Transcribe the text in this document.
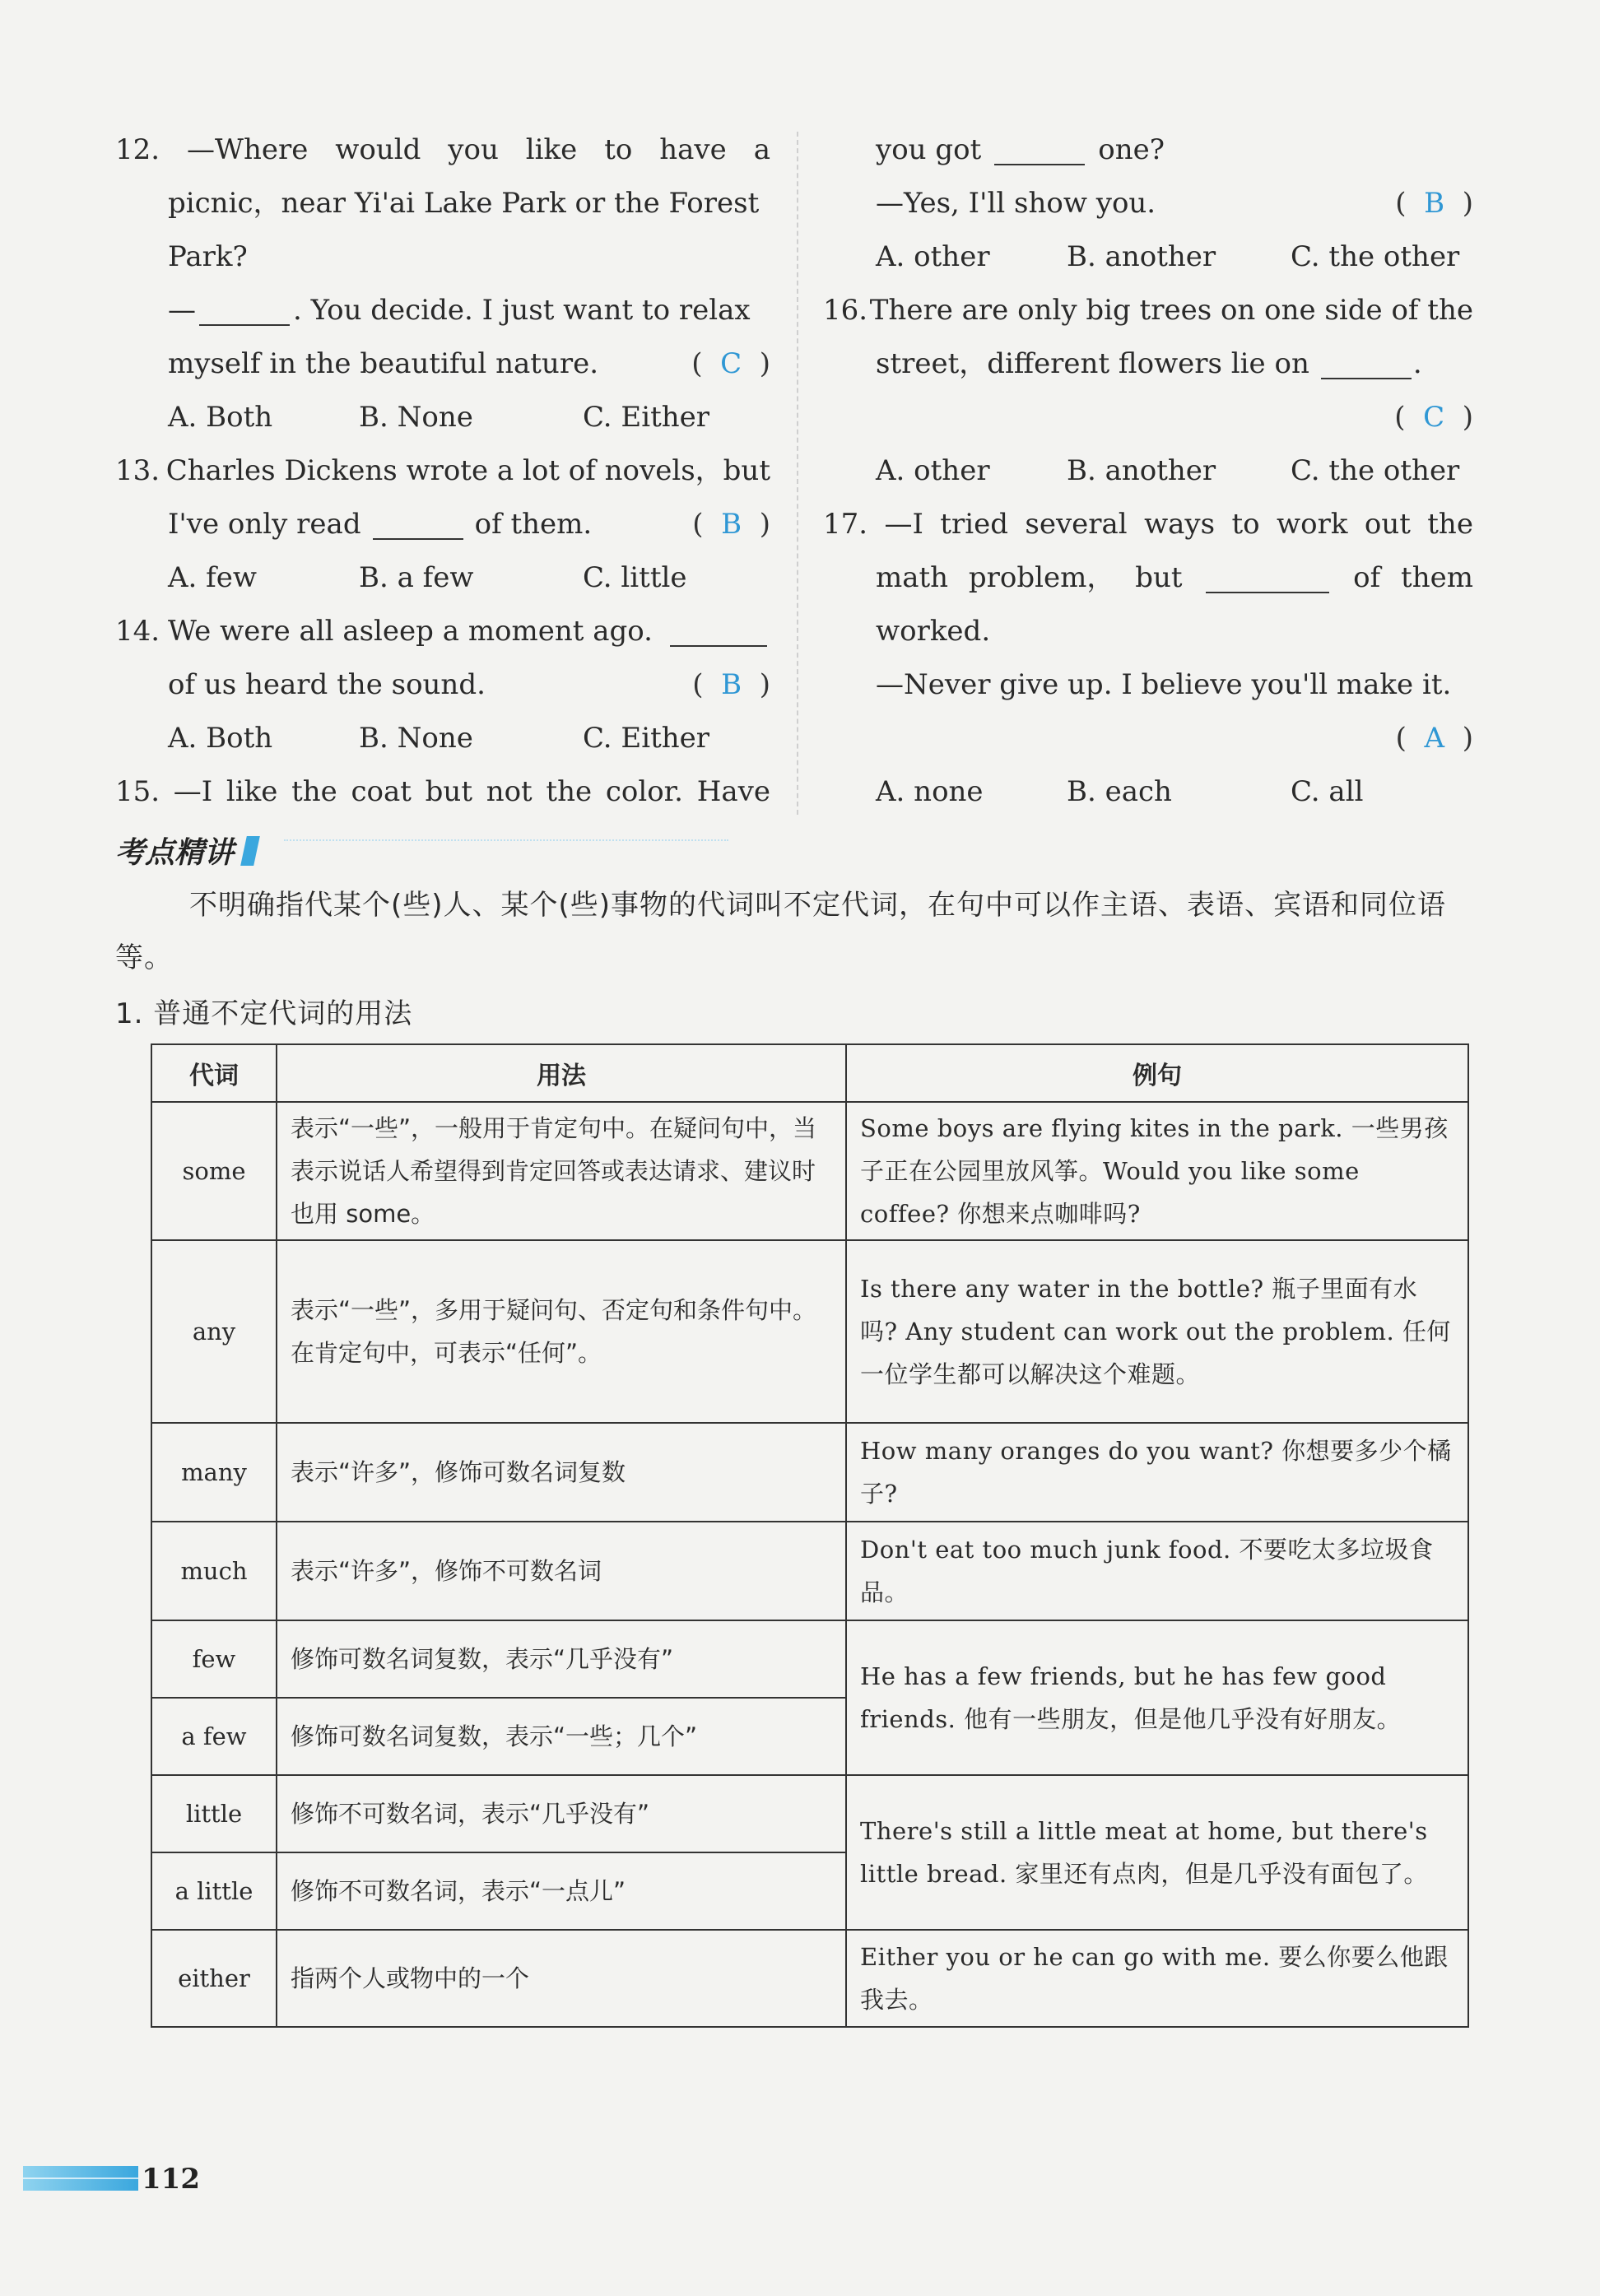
12. —Where would you like to have a
picnic，near Yi'ai Lake Park or the Forest
Park?
—	. You decide. I just want to relax
myself in the beautiful nature.	(  C  )
A. Both	B. None	C. Either
13. Charles Dickens wrote a lot of novels，but
I've only read	of them.	(  B  )
A. few	B. a few	C. little
14. We were all asleep a moment ago.
of us heard the sound.	(  B  )
A. Both	B. None	C. Either
15. —I like the coat but not the color. Have
you got	one?
—Yes, I'll show you.	(  B  )
A. other	B. another	C. the other
16. There are only big trees on one side of the
street，different flowers lie on	.
(  C  )
A. other	B. another	C. the other
17. —I tried several ways to work out the
math problem， but	of them
worked.
—Never give up. I believe you'll make it.
(  A  )
A. none	B. each	C. all
考点精讲
不明确指代某个(些)人、某个(些)事物的代词叫不定代词，在句中可以作主语、表语、宾语和同位语等。
1. 普通不定代词的用法
代词	用法	例句
some	表示“一些”，一般用于肯定句中。在疑问句中，当表示说话人希望得到肯定回答或表达请求、建议时也用 some。	Some boys are flying kites in the park. 一些男孩子正在公园里放风筝。Would you like some coffee? 你想来点咖啡吗?
any	表示“一些”，多用于疑问句、否定句和条件句中。在肯定句中，可表示“任何”。	Is there any water in the bottle? 瓶子里面有水吗? Any student can work out the problem. 任何一位学生都可以解决这个难题。
many	表示“许多”，修饰可数名词复数	How many oranges do you want? 你想要多少个橘子?
much	表示“许多”，修饰不可数名词	Don't eat too much junk food. 不要吃太多垃圾食品。
few	修饰可数名词复数，表示“几乎没有”	He has a few friends, but he has few good friends. 他有一些朋友，但是他几乎没有好朋友。
a few	修饰可数名词复数，表示“一些；几个”	
little	修饰不可数名词，表示“几乎没有”	There's still a little meat at home, but there's little bread. 家里还有点肉，但是几乎没有面包了。
a little	修饰不可数名词，表示“一点儿”	
either	指两个人或物中的一个	Either you or he can go with me. 要么你要么他跟我去。
112
